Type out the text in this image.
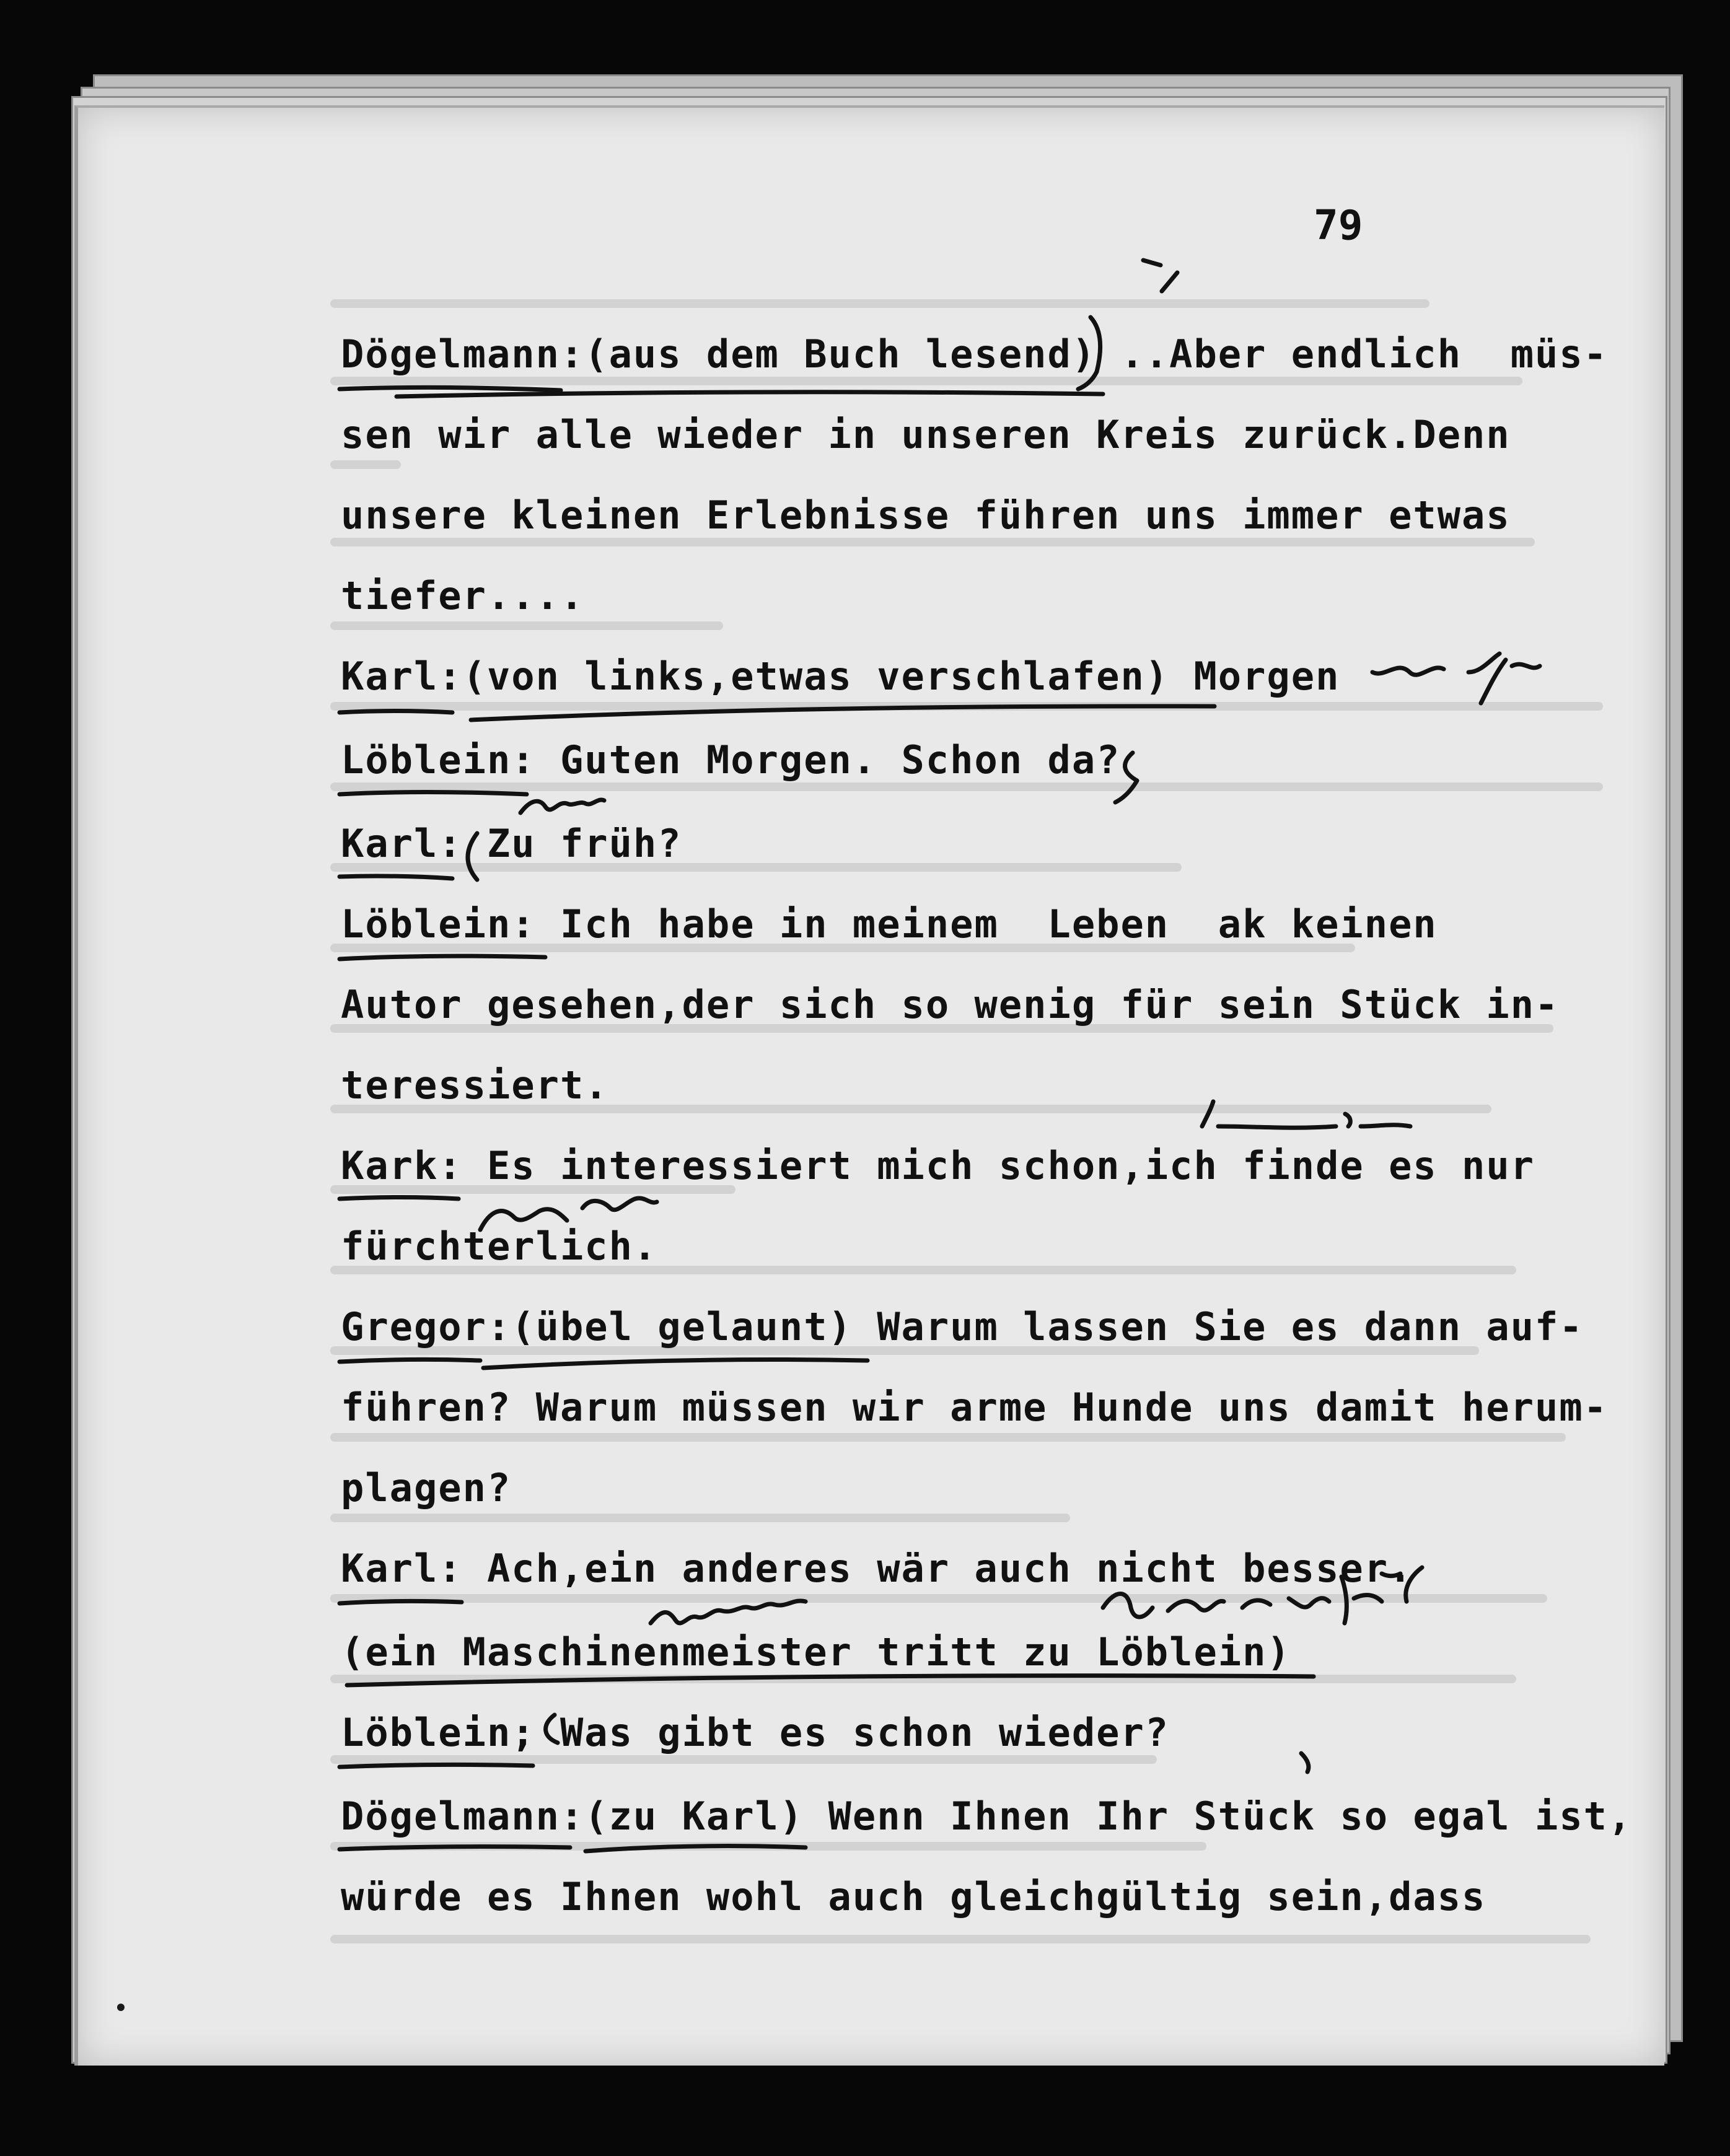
79
Dögelmann:(aus dem Buch lesend) ..Aber endlich  müs-
sen wir alle wieder in unseren Kreis zurück.Denn
unsere kleinen Erlebnisse führen uns immer etwas
tiefer....
Karl:(von links,etwas verschlafen) Morgen
Löblein: Guten Morgen. Schon da?
Karl: Zu früh?
Löblein: Ich habe in meinem  Leben  ak keinen
Autor gesehen,der sich so wenig für sein Stück in-
teressiert.
Kark: Es interessiert mich schon,ich finde es nur
fürchterlich.
Gregor:(übel gelaunt) Warum lassen Sie es dann auf-
führen? Warum müssen wir arme Hunde uns damit herum-
plagen?
Karl: Ach,ein anderes wär auch nicht besser.
(ein Maschinenmeister tritt zu Löblein)
Löblein; Was gibt es schon wieder?
Dögelmann:(zu Karl) Wenn Ihnen Ihr Stück so egal ist,
würde es Ihnen wohl auch gleichgültig sein,dass
